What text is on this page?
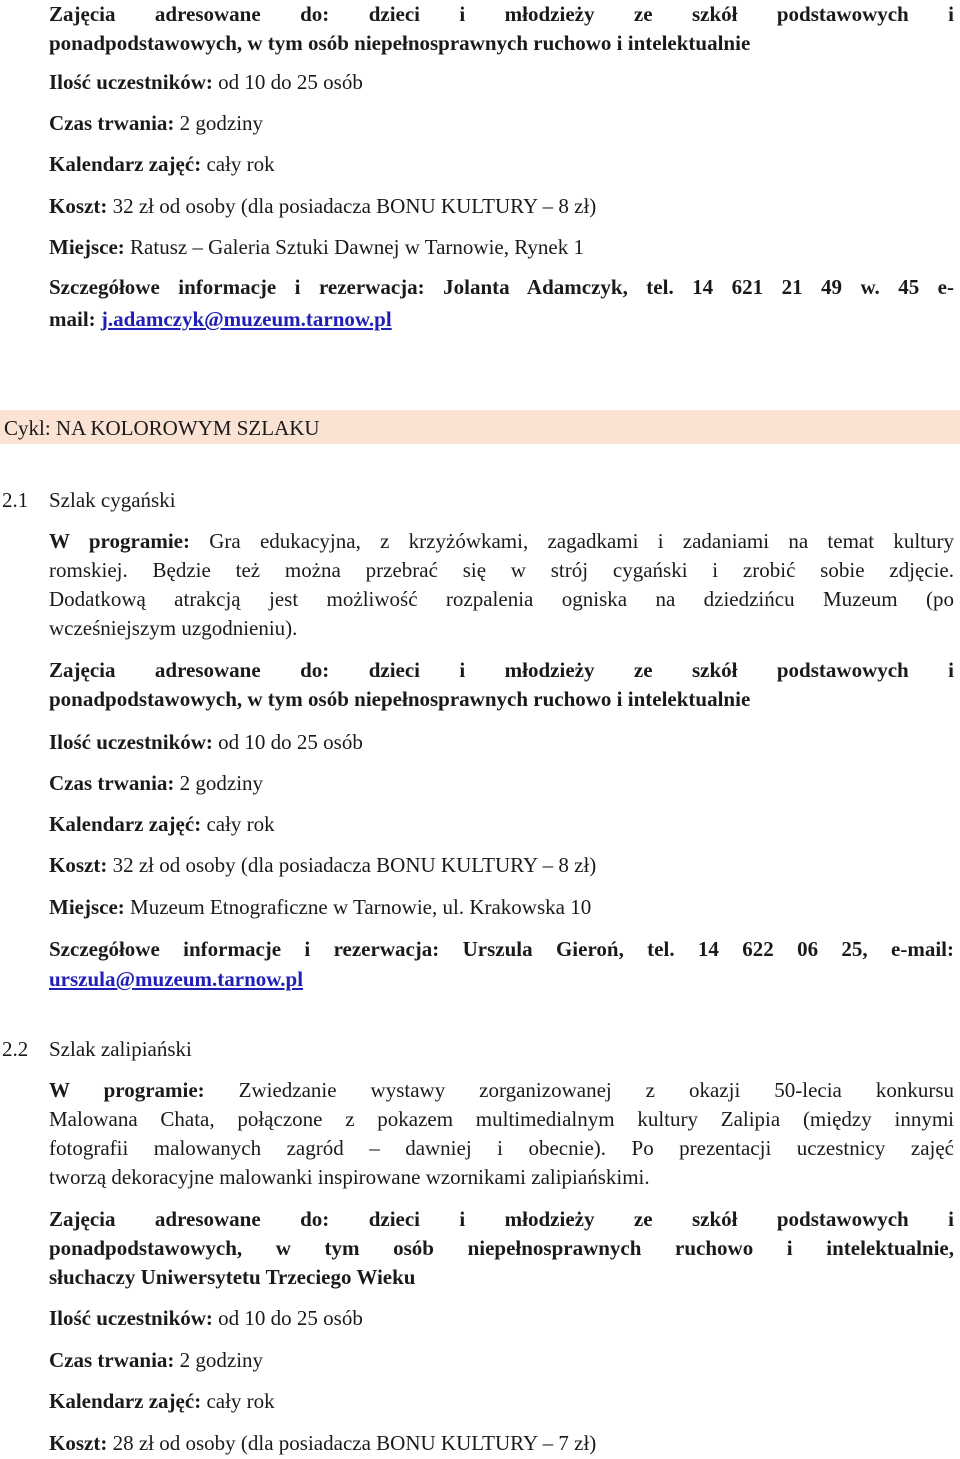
Zajęcia adresowane do: dzieci i młodzieży ze szkół podstawowych i
ponadpodstawowych, w tym osób niepełnosprawnych ruchowo i intelektualnie
Ilość uczestników: od 10 do 25 osób
Czas trwania: 2 godziny
Kalendarz zajęć: cały rok
Koszt: 32 zł od osoby (dla posiadacza BONU KULTURY – 8 zł)
Miejsce: Ratusz – Galeria Sztuki Dawnej w Tarnowie, Rynek 1
Szczegółowe informacje i rezerwacja: Jolanta Adamczyk, tel. 14 621 21 49 w. 45 e-
mail: j.adamczyk@muzeum.tarnow.pl
Cykl: NA KOLOROWYM SZLAKU
2.1 Szlak cygański
W programie: Gra edukacyjna, z krzyżówkami, zagadkami i zadaniami na temat kultury
romskiej. Będzie też można przebrać się w strój cygański i zrobić sobie zdjęcie.
Dodatkową atrakcją jest możliwość rozpalenia ogniska na dziedzińcu Muzeum (po
wcześniejszym uzgodnieniu).
Zajęcia adresowane do: dzieci i młodzieży ze szkół podstawowych i
ponadpodstawowych, w tym osób niepełnosprawnych ruchowo i intelektualnie
Ilość uczestników: od 10 do 25 osób
Czas trwania: 2 godziny
Kalendarz zajęć: cały rok
Koszt: 32 zł od osoby (dla posiadacza BONU KULTURY – 8 zł)
Miejsce: Muzeum Etnograficzne w Tarnowie, ul. Krakowska 10
Szczegółowe informacje i rezerwacja: Urszula Gieroń, tel. 14 622 06 25, e-mail:
urszula@muzeum.tarnow.pl
2.2 Szlak zalipiański
W programie: Zwiedzanie wystawy zorganizowanej z okazji 50-lecia konkursu
Malowana Chata, połączone z pokazem multimedialnym kultury Zalipia (między innymi
fotografii malowanych zagród – dawniej i obecnie). Po prezentacji uczestnicy zajęć
tworzą dekoracyjne malowanki inspirowane wzornikami zalipiańskimi.
Zajęcia adresowane do: dzieci i młodzieży ze szkół podstawowych i
ponadpodstawowych, w tym osób niepełnosprawnych ruchowo i intelektualnie,
słuchaczy Uniwersytetu Trzeciego Wieku
Ilość uczestników: od 10 do 25 osób
Czas trwania: 2 godziny
Kalendarz zajęć: cały rok
Koszt: 28 zł od osoby (dla posiadacza BONU KULTURY – 7 zł)
